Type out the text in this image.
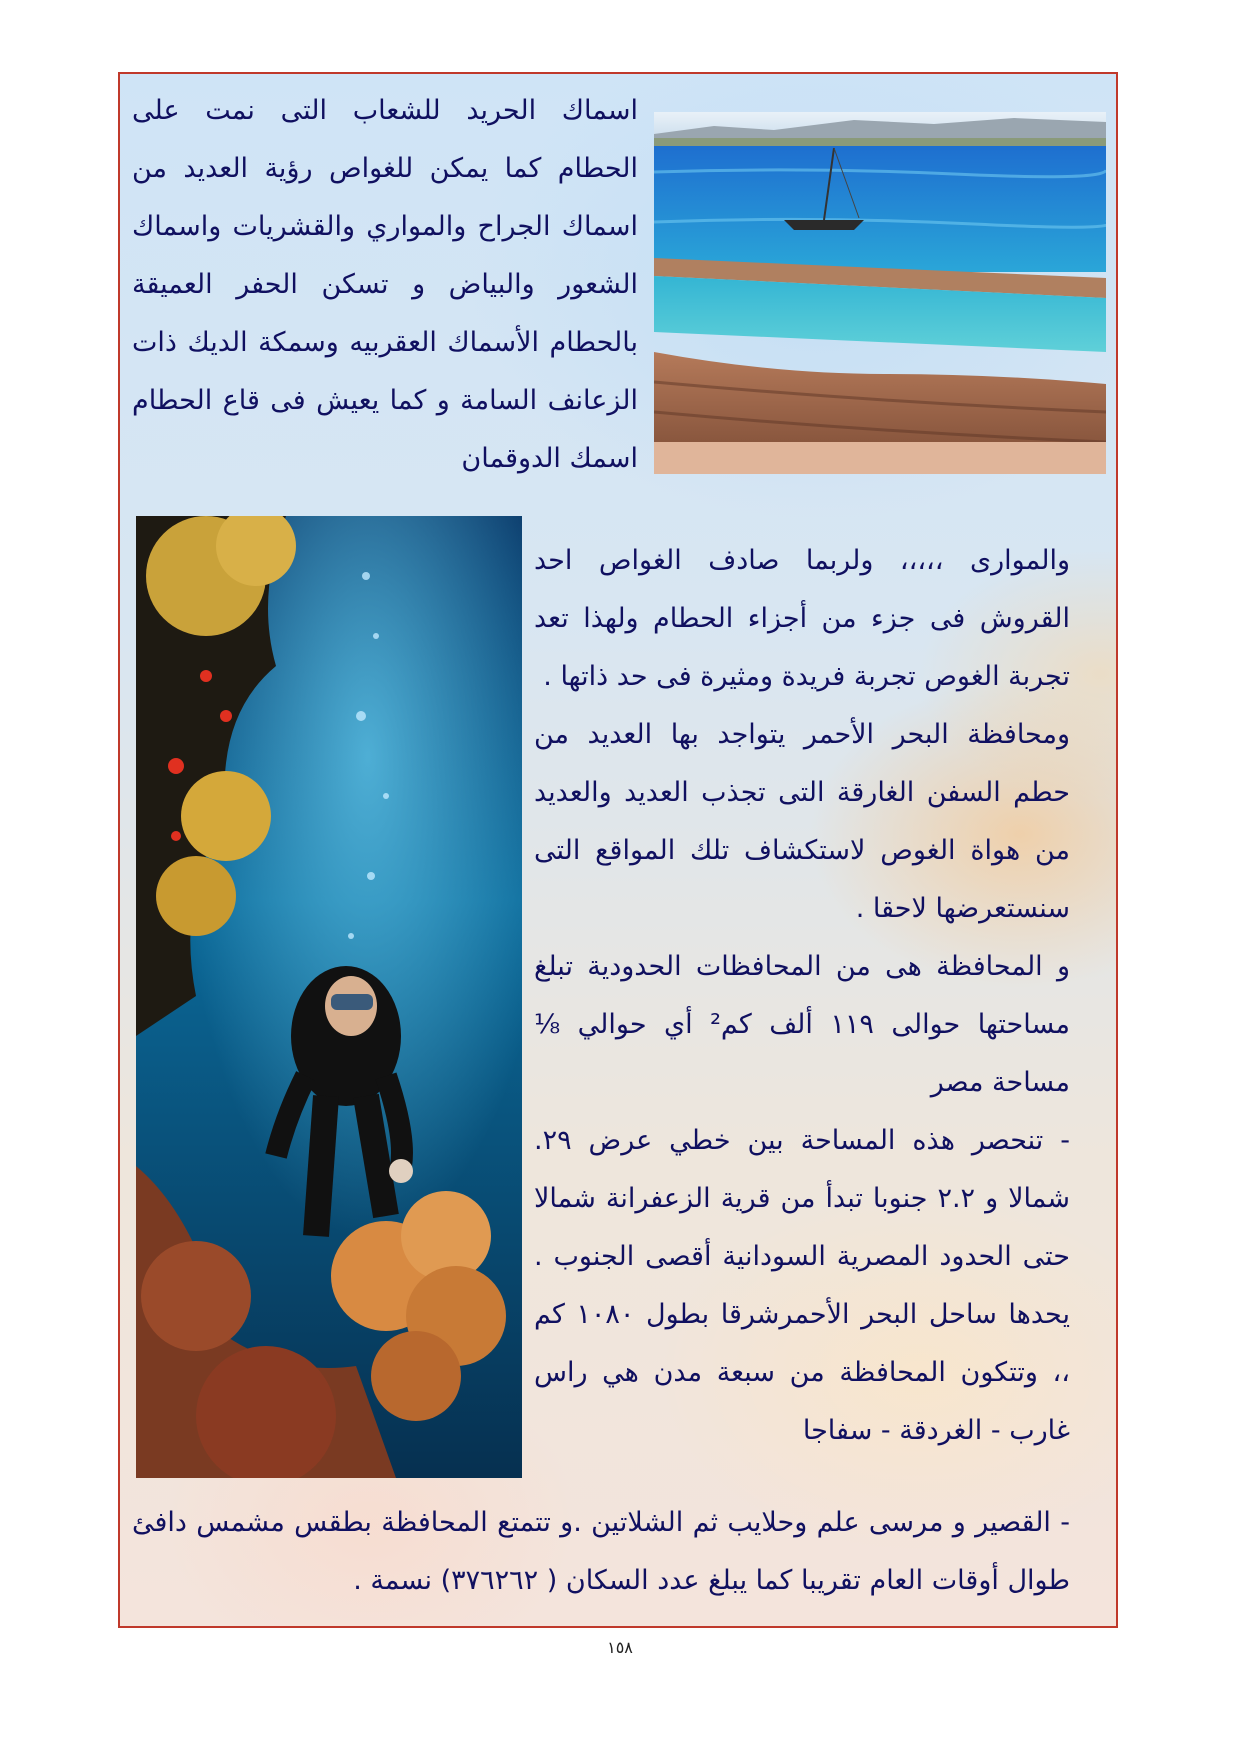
اسماك الحريد للشعاب التى نمت على الحطام كما يمكن للغواص رؤية العديد من اسماك الجراح والمواري والقشريات واسماك الشعور والبياض و تسكن الحفر العميقة بالحطام الأسماك العقربيه وسمكة الديك ذات الزعانف السامة و كما يعيش فى قاع الحطام اسمك الدوقمان

والموارى ،،،،، ولربما صادف الغواص احد القروش فى جزء من أجزاء الحطام ولهذا تعد تجربة الغوص تجربة فريدة ومثيرة فى حد ذاتها .

ومحافظة البحر الأحمر يتواجد بها العديد من حطم السفن الغارقة التى تجذب العديد والعديد من هواة الغوص لاستكشاف تلك المواقع التى سنستعرضها لاحقا .

و المحافظة هى من المحافظات الحدودية تبلغ مساحتها حوالى ١١٩ ألف كم² أي حوالي ⅛ مساحة مصر

- تنحصر هذه المساحة بين خطي عرض ٢٩. شمالا و ٢.٢ جنوبا تبدأ من قرية الزعفرانة شمالا حتى الحدود المصرية السودانية أقصى الجنوب . يحدها ساحل البحر الأحمرشرقا بطول ١٠٨٠ كم ،، وتتكون المحافظة من سبعة مدن هي راس غارب - الغردقة - سفاجا

- القصير و مرسى علم وحلايب ثم الشلاتين .و تتمتع المحافظة بطقس مشمس دافئ طوال أوقات العام تقريبا كما يبلغ عدد السكان ( ٣٧٦٢٦٢) نسمة .

١٥٨
